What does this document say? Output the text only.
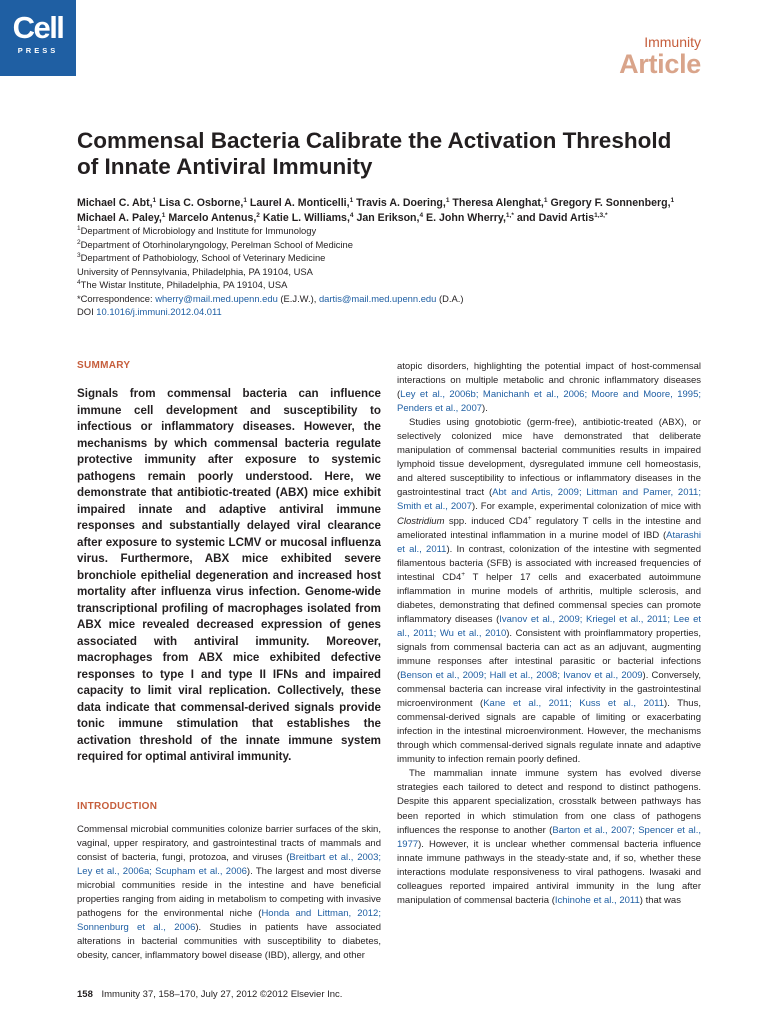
Cell
PRESS
Immunity
Article
Commensal Bacteria Calibrate the Activation Threshold of Innate Antiviral Immunity
Michael C. Abt,$^1$ Lisa C. Osborne,$^1$ Laurel A. Monticelli,$^1$ Travis A. Doering,$^1$ Theresa Alenghat,$^1$ Gregory F. Sonnenberg,$^1$ Michael A. Paley,$^1$ Marcelo Antenus,$^2$ Katie L. Williams,$^4$ Jan Erikson,$^4$ E. John Wherry,$^{1,*}$ and David Artis$^{1,3,*}$
$^1$Department of Microbiology and Institute for Immunology
$^2$Department of Otorhinolaryngology, Perelman School of Medicine
$^3$Department of Pathobiology, School of Veterinary Medicine
University of Pennsylvania, Philadelphia, PA 19104, USA
$^4$The Wistar Institute, Philadelphia, PA 19104, USA
*Correspondence: wherry@mail.med.upenn.edu (E.J.W.), dartis@mail.med.upenn.edu (D.A.)
DOI 10.1016/j.immuni.2012.04.011
SUMMARY

Signals from commensal bacteria can influence immune cell development and susceptibility to infectious or inflammatory diseases. However, the mechanisms by which commensal bacteria regulate protective immunity after exposure to systemic pathogens remain poorly understood. Here, we demonstrate that antibiotic-treated (ABX) mice exhibit impaired innate and adaptive antiviral immune responses and substantially delayed viral clearance after exposure to systemic LCMV or mucosal influenza virus. Furthermore, ABX mice exhibited severe bronchiole epithelial degeneration and increased host mortality after influenza virus infection. Genome-wide transcriptional profiling of macrophages isolated from ABX mice revealed decreased expression of genes associated with antiviral immunity. Moreover, macrophages from ABX mice exhibited defective responses to type I and type II IFNs and impaired capacity to limit viral replication. Collectively, these data indicate that commensal-derived signals provide tonic immune stimulation that establishes the activation threshold of the innate immune system required for optimal antiviral immunity.

INTRODUCTION

Commensal microbial communities colonize barrier surfaces of the skin, vaginal, upper respiratory, and gastrointestinal tracts of mammals and consist of bacteria, fungi, protozoa, and viruses (Breitbart et al., 2003; Ley et al., 2006a; Scupham et al., 2006). The largest and most diverse microbial communities reside in the intestine and have beneficial properties ranging from aiding in metabolism to competing with invasive pathogens for the environmental niche (Honda and Littman, 2012; Sonnenburg et al., 2006). Studies in patients have associated alterations in bacterial communities with susceptibility to diabetes, obesity, cancer, inflammatory bowel disease (IBD), allergy, and other

atopic disorders, highlighting the potential impact of host-commensal interactions on multiple metabolic and chronic inflammatory diseases (Ley et al., 2006b; Manichanh et al., 2006; Moore and Moore, 1995; Penders et al., 2007).

Studies using gnotobiotic (germ-free), antibiotic-treated (ABX), or selectively colonized mice have demonstrated that deliberate manipulation of commensal bacterial communities results in impaired lymphoid tissue development, dysregulated immune cell homeostasis, and altered susceptibility to infectious or inflammatory diseases in the gastrointestinal tract (Abt and Artis, 2009; Littman and Pamer, 2011; Smith et al., 2007). For example, experimental colonization of mice with Clostridium spp. induced CD4+ regulatory T cells in the intestine and ameliorated intestinal inflammation in a murine model of IBD (Atarashi et al., 2011). In contrast, colonization of the intestine with segmented filamentous bacteria (SFB) is associated with increased frequencies of intestinal CD4+ T helper 17 cells and exacerbated autoimmune inflammation in murine models of arthritis, multiple sclerosis, and diabetes, demonstrating that defined commensal species can promote inflammatory diseases (Ivanov et al., 2009; Kriegel et al., 2011; Lee et al., 2011; Wu et al., 2010). Consistent with proinflammatory properties, signals from commensal bacteria can act as an adjuvant, augmenting immune responses after intestinal parasitic or bacterial infections (Benson et al., 2009; Hall et al., 2008; Ivanov et al., 2009). Conversely, commensal bacteria can increase viral infectivity in the gastrointestinal microenvironment (Kane et al., 2011; Kuss et al., 2011). Thus, commensal-derived signals are capable of limiting or exacerbating infection in the intestinal microenvironment. However, the mechanisms through which commensal-derived signals regulate innate and adaptive immunity to infection remain poorly defined.

The mammalian innate immune system has evolved diverse strategies each tailored to detect and respond to distinct pathogens. Despite this apparent specialization, crosstalk between pathways has been reported in which stimulation from one class of pathogens influences the response to another (Barton et al., 2007; Spencer et al., 1977). However, it is unclear whether commensal bacteria influence innate immune pathways in the steady-state and, if so, whether these interactions modulate responsiveness to viral pathogens. Iwasaki and colleagues reported impaired antiviral immunity in the lung after manipulation of commensal bacteria (Ichinohe et al., 2011) that was

158 Immunity 37, 158–170, July 27, 2012 ©2012 Elsevier Inc.
